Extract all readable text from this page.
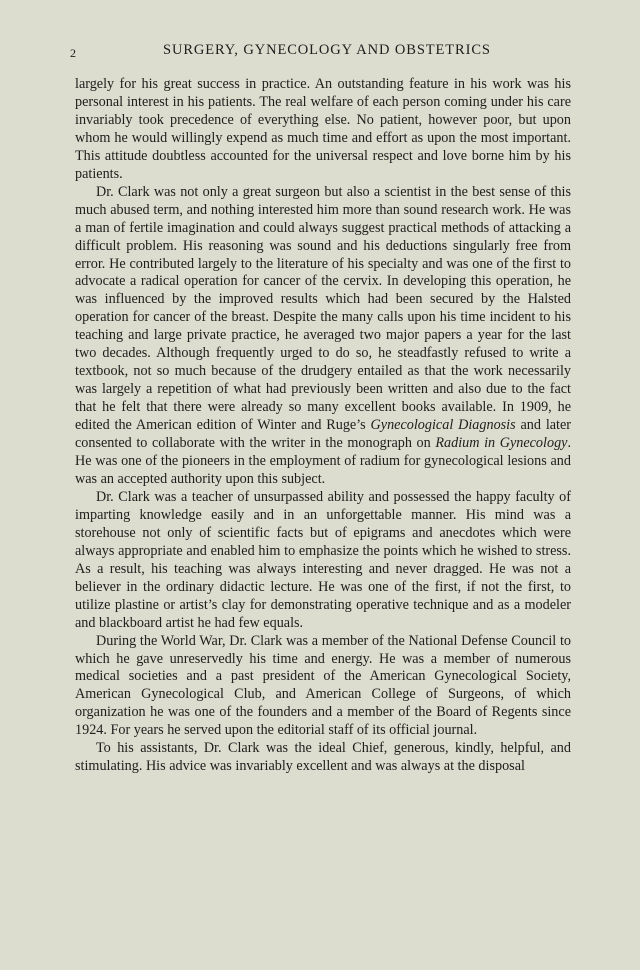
2	SURGERY, GYNECOLOGY AND OBSTETRICS

largely for his great success in practice. An outstanding feature in his work was his personal interest in his patients. The real welfare of each person coming under his care invariably took precedence of everything else. No patient, however poor, but upon whom he would willingly expend as much time and effort as upon the most important. This attitude doubtless accounted for the universal respect and love borne him by his patients.

Dr. Clark was not only a great surgeon but also a scientist in the best sense of this much abused term, and nothing interested him more than sound research work. He was a man of fertile imagination and could always suggest practical methods of attacking a difficult problem. His reasoning was sound and his deductions singularly free from error. He contributed largely to the literature of his specialty and was one of the first to advocate a radical operation for cancer of the cervix. In developing this operation, he was influenced by the improved results which had been secured by the Halsted operation for cancer of the breast. Despite the many calls upon his time incident to his teaching and large private practice, he averaged two major papers a year for the last two decades. Although frequently urged to do so, he steadfastly refused to write a textbook, not so much because of the drudgery entailed as that the work necessarily was largely a repetition of what had previously been written and also due to the fact that he felt that there were already so many excellent books available. In 1909, he edited the American edition of Winter and Ruge’s Gynecological Diagnosis and later consented to collaborate with the writer in the monograph on Radium in Gynecology. He was one of the pioneers in the employment of radium for gynecological lesions and was an accepted authority upon this subject.

Dr. Clark was a teacher of unsurpassed ability and possessed the happy faculty of imparting knowledge easily and in an unforgettable manner. His mind was a storehouse not only of scientific facts but of epigrams and anecdotes which were always appropriate and enabled him to emphasize the points which he wished to stress. As a result, his teaching was always interesting and never dragged. He was not a believer in the ordinary didactic lecture. He was one of the first, if not the first, to utilize plastine or artist’s clay for demonstrating operative technique and as a modeler and blackboard artist he had few equals.

During the World War, Dr. Clark was a member of the National Defense Council to which he gave unreservedly his time and energy. He was a member of numerous medical societies and a past president of the American Gynecological Society, American Gynecological Club, and American College of Surgeons, of which organization he was one of the founders and a member of the Board of Regents since 1924. For years he served upon the editorial staff of its official journal.

To his assistants, Dr. Clark was the ideal Chief, generous, kindly, helpful, and stimulating. His advice was invariably excellent and was always at the disposal
